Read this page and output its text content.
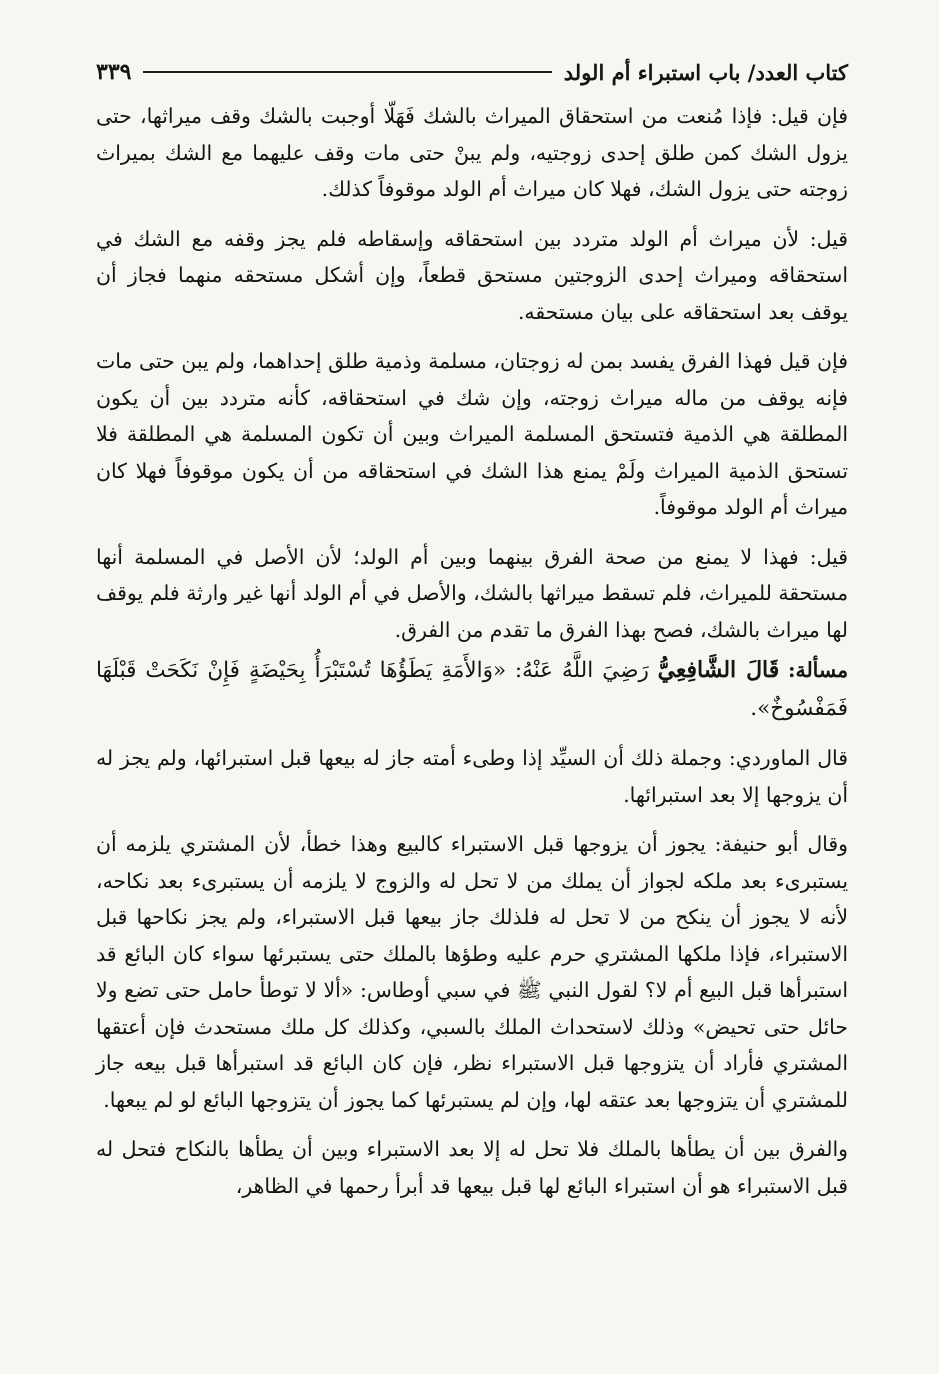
كتاب العدد/ باب استبراء أم الولد
٣٣٩

فإن قيل: فإذا مُنعت من استحقاق الميراث بالشك فَهَلّا أوجبت بالشك وقف ميراثها، حتى يزول الشك كمن طلق إحدى زوجتيه، ولم يبنْ حتى مات وقف عليهما مع الشك بميراث زوجته حتى يزول الشك، فهلا كان ميراث أم الولد موقوفاً كذلك.

قيل: لأن ميراث أم الولد متردد بين استحقاقه وإسقاطه فلم يجز وقفه مع الشك في استحقاقه وميراث إحدى الزوجتين مستحق قطعاً، وإن أشكل مستحقه منهما فجاز أن يوقف بعد استحقاقه على بيان مستحقه.

فإن قيل فهذا الفرق يفسد بمن له زوجتان، مسلمة وذمية طلق إحداهما، ولم يبن حتى مات فإنه يوقف من ماله ميراث زوجته، وإن شك في استحقاقه، كأنه متردد بين أن يكون المطلقة هي الذمية فتستحق المسلمة الميراث وبين أن تكون المسلمة هي المطلقة فلا تستحق الذمية الميراث ولَمْ يمنع هذا الشك في استحقاقه من أن يكون موقوفاً فهلا كان ميراث أم الولد موقوفاً.

قيل: فهذا لا يمنع من صحة الفرق بينهما وبين أم الولد؛ لأن الأصل في المسلمة أنها مستحقة للميراث، فلم تسقط ميراثها بالشك، والأصل في أم الولد أنها غير وارثة فلم يوقف لها ميراث بالشك، فصح بهذا الفرق ما تقدم من الفرق.

مسألة: قَالَ الشَّافِعِيُّ رَضِيَ اللَّهُ عَنْهُ: «وَالأَمَةِ يَطَؤُهَا تُسْتَبْرَأُ بِحَيْضَةٍ فَإِنْ نَكَحَتْ قَبْلَهَا فَمَفْسُوخٌ».

قال الماوردي: وجملة ذلك أن السيِّد إذا وطىء أمته جاز له بيعها قبل استبرائها، ولم يجز له أن يزوجها إلا بعد استبرائها.

وقال أبو حنيفة: يجوز أن يزوجها قبل الاستبراء كالبيع وهذا خطأ، لأن المشتري يلزمه أن يستبرىء بعد ملكه لجواز أن يملك من لا تحل له والزوج لا يلزمه أن يستبرىء بعد نكاحه، لأنه لا يجوز أن ينكح من لا تحل له فلذلك جاز بيعها قبل الاستبراء، ولم يجز نكاحها قبل الاستبراء، فإذا ملكها المشتري حرم عليه وطؤها بالملك حتى يستبرئها سواء كان البائع قد استبرأها قبل البيع أم لا؟ لقول النبي ﷺ في سبي أوطاس: «ألا لا توطأ حامل حتى تضع ولا حائل حتى تحيض» وذلك لاستحداث الملك بالسبي، وكذلك كل ملك مستحدث فإن أعتقها المشتري فأراد أن يتزوجها قبل الاستبراء نظر، فإن كان البائع قد استبرأها قبل بيعه جاز للمشتري أن يتزوجها بعد عتقه لها، وإن لم يستبرئها كما يجوز أن يتزوجها البائع لو لم يبعها.

والفرق بين أن يطأها بالملك فلا تحل له إلا بعد الاستبراء وبين أن يطأها بالنكاح فتحل له قبل الاستبراء هو أن استبراء البائع لها قبل بيعها قد أبرأ رحمها في الظاهر،
